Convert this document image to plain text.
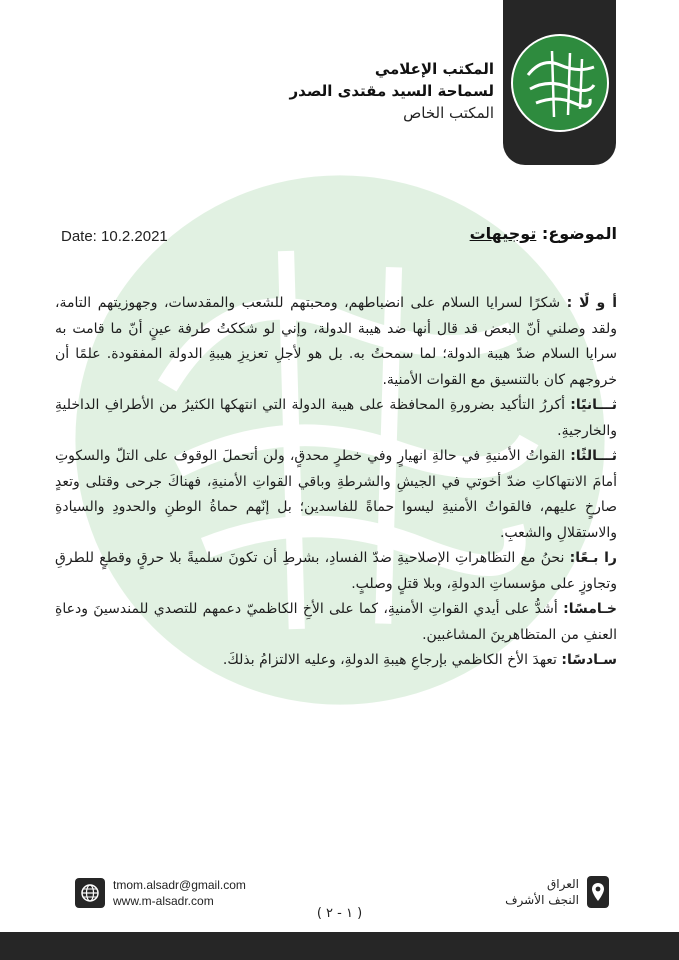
المكتب الإعلامي
لسماحة السيد مقتدى الصدر
المكتب الخاص
Date: 10.2.2021	الموضوع: توجيهات

أ و لًا : شكرًا لسرايا السلام على انضباطهم، ومحبتهم للشعب والمقدسات، وجهوزيتهم التامة، ولقد وصلني أنّ البعض قد قال أنها ضد هيبة الدولة، وإني لو شككتُ طرفة عينٍ أنّ ما قامت به سرايا السلام ضدّ هيبة الدولة؛ لما سمحتُ به. بل هو لأجلِ تعزيزِ هيبةِ الدولة المفقودة. علمًا أن خروجهم كان بالتنسيق مع القوات الأمنية.

ثـــانيًا: أكررُ التأكيد بضرورةِ المحافظة على هيبة الدولة التي انتهكها الكثيرُ من الأطرافِ الداخليةِ والخارجيةِ.

ثـــالثًا: القواتُ الأمنيةِ في حالةِ انهيارٍ وفي خطرٍ محدقٍ، ولن أتحملَ الوقوف على التلّ والسكوتِ أمامَ الانتهاكاتِ ضدّ أخوتي في الجيشِ والشرطةِ وباقي القواتِ الأمنيةِ، فهناكَ جرحى وقتلى وتعدٍ صارخٍ عليهم، فالقواتُ الأمنيةِ ليسوا حماةً للفاسدين؛ بل إنّهم حماةُ الوطنِ والحدودِ والسيادةِ والاستقلالِ والشعبِ.

را بـعًا: نحنُ مع التظاهراتِ الإصلاحيةِ ضدّ الفسادِ، بشرطِ أن تكونَ سلميةً بلا حرقٍ وقطعٍ للطرقِ وتجاوزٍ على مؤسساتِ الدولةِ، وبلا قتلٍ وصلبٍ.

خـامسًا: أشدُّ على أيدي القواتِ الأمنيةِ، كما على الأخِ الكاظميّ دعمهم للتصدي للمندسينَ ودعاةِ العنفِ من المتظاهرينَ المشاغبين.

سـادسًا: تعهدَ الأخ الكاظمي بإرجاعِ هيبةِ الدولةِ، وعليه الالتزامُ بذلكَ.

العراق
النجف الأشرف
tmom.alsadr@gmail.com
www.m-alsadr.com
( ١ - ٢ )
